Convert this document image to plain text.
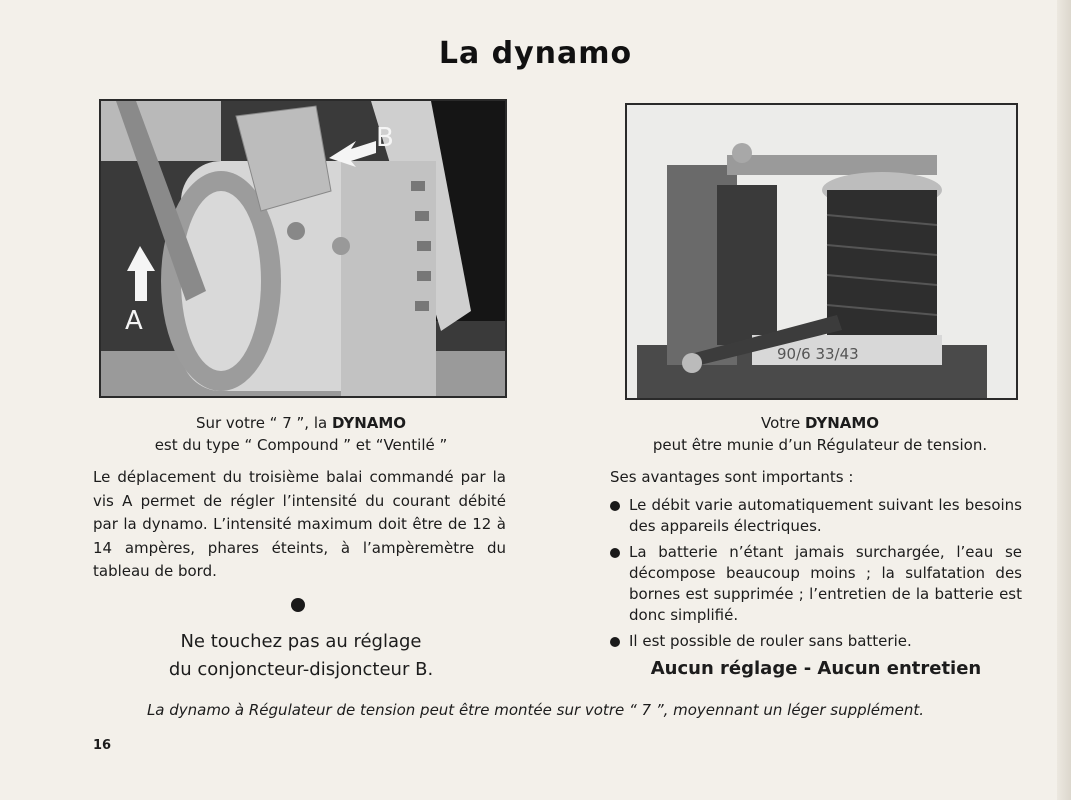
La dynamo
B
A
90/6 33/43
Sur votre “ 7 ”, la DYNAMO
est du type “ Compound ” et “Ventilé ”
Le déplacement du troisième balai commandé par la vis A permet de régler l’intensité du courant débité par la dynamo. L’intensité maximum doit être de 12 à 14 ampères, phares éteints, à l’ampèremètre du tableau de bord.
Ne touchez pas au réglage
du conjoncteur-disjoncteur B.
Votre DYNAMO
peut être munie d’un Régulateur de tension.
Ses avantages sont importants :
Le débit varie automatiquement suivant les besoins des appareils électriques.
La batterie n’étant jamais surchargée, l’eau se décompose beaucoup moins ; la sulfatation des bornes est supprimée ; l’entretien de la batterie est donc simplifié.
Il est possible de rouler sans batterie.
Aucun réglage - Aucun entretien
La dynamo à Régulateur de tension peut être montée sur votre “ 7 ”, moyennant un léger supplément.
16
